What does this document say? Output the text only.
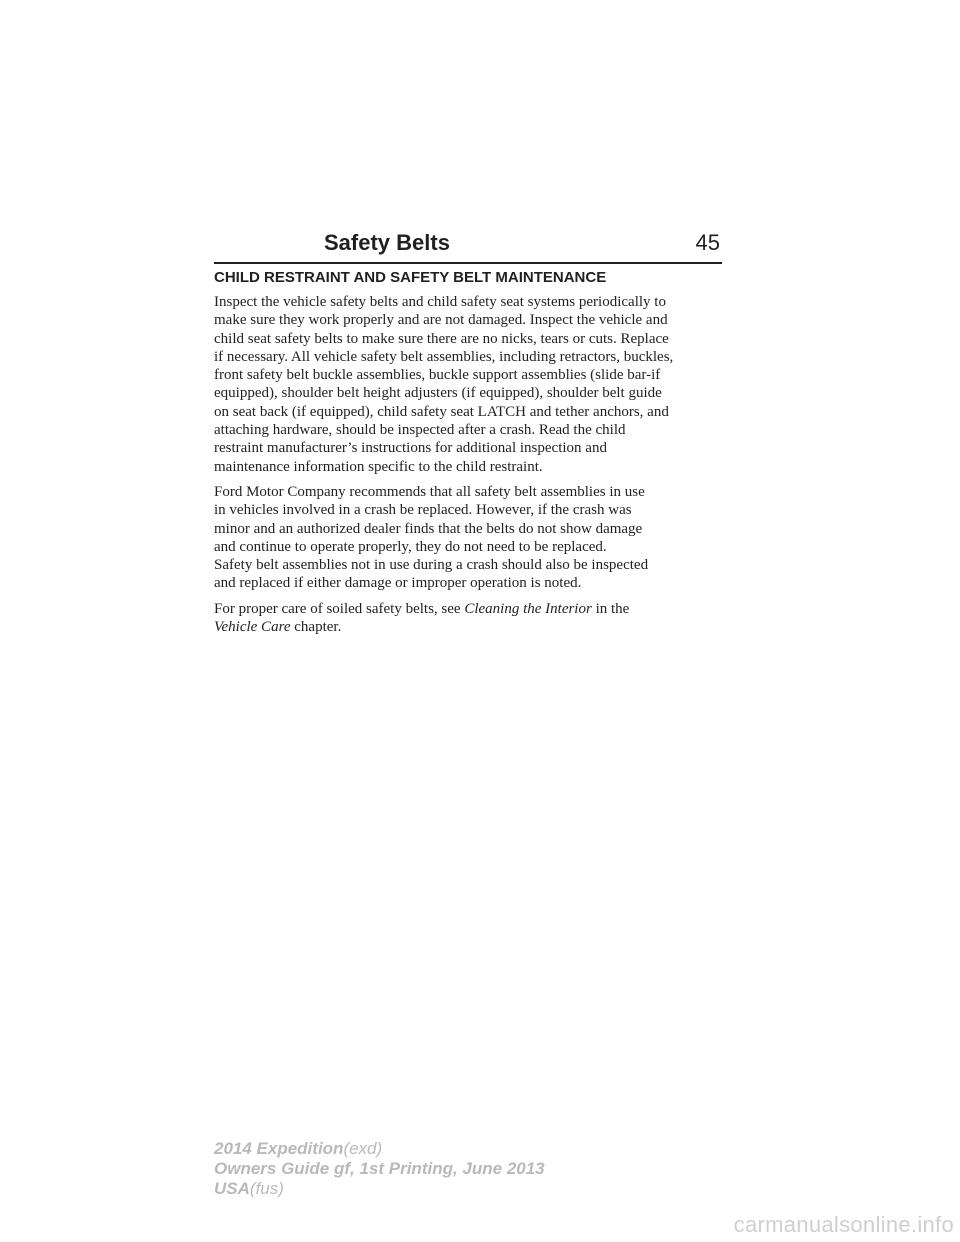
Safety Belts	45
CHILD RESTRAINT AND SAFETY BELT MAINTENANCE
Inspect the vehicle safety belts and child safety seat systems periodically to
make sure they work properly and are not damaged. Inspect the vehicle and
child seat safety belts to make sure there are no nicks, tears or cuts. Replace
if necessary. All vehicle safety belt assemblies, including retractors, buckles,
front safety belt buckle assemblies, buckle support assemblies (slide bar-if
equipped), shoulder belt height adjusters (if equipped), shoulder belt guide
on seat back (if equipped), child safety seat LATCH and tether anchors, and
attaching hardware, should be inspected after a crash. Read the child
restraint manufacturer’s instructions for additional inspection and
maintenance information specific to the child restraint.
Ford Motor Company recommends that all safety belt assemblies in use
in vehicles involved in a crash be replaced. However, if the crash was
minor and an authorized dealer finds that the belts do not show damage
and continue to operate properly, they do not need to be replaced.
Safety belt assemblies not in use during a crash should also be inspected
and replaced if either damage or improper operation is noted.
For proper care of soiled safety belts, see Cleaning the Interior in the
Vehicle Care chapter.
2014 Expedition(exd)
Owners Guide gf, 1st Printing, June 2013
USA(fus)
carmanualsonline.info
